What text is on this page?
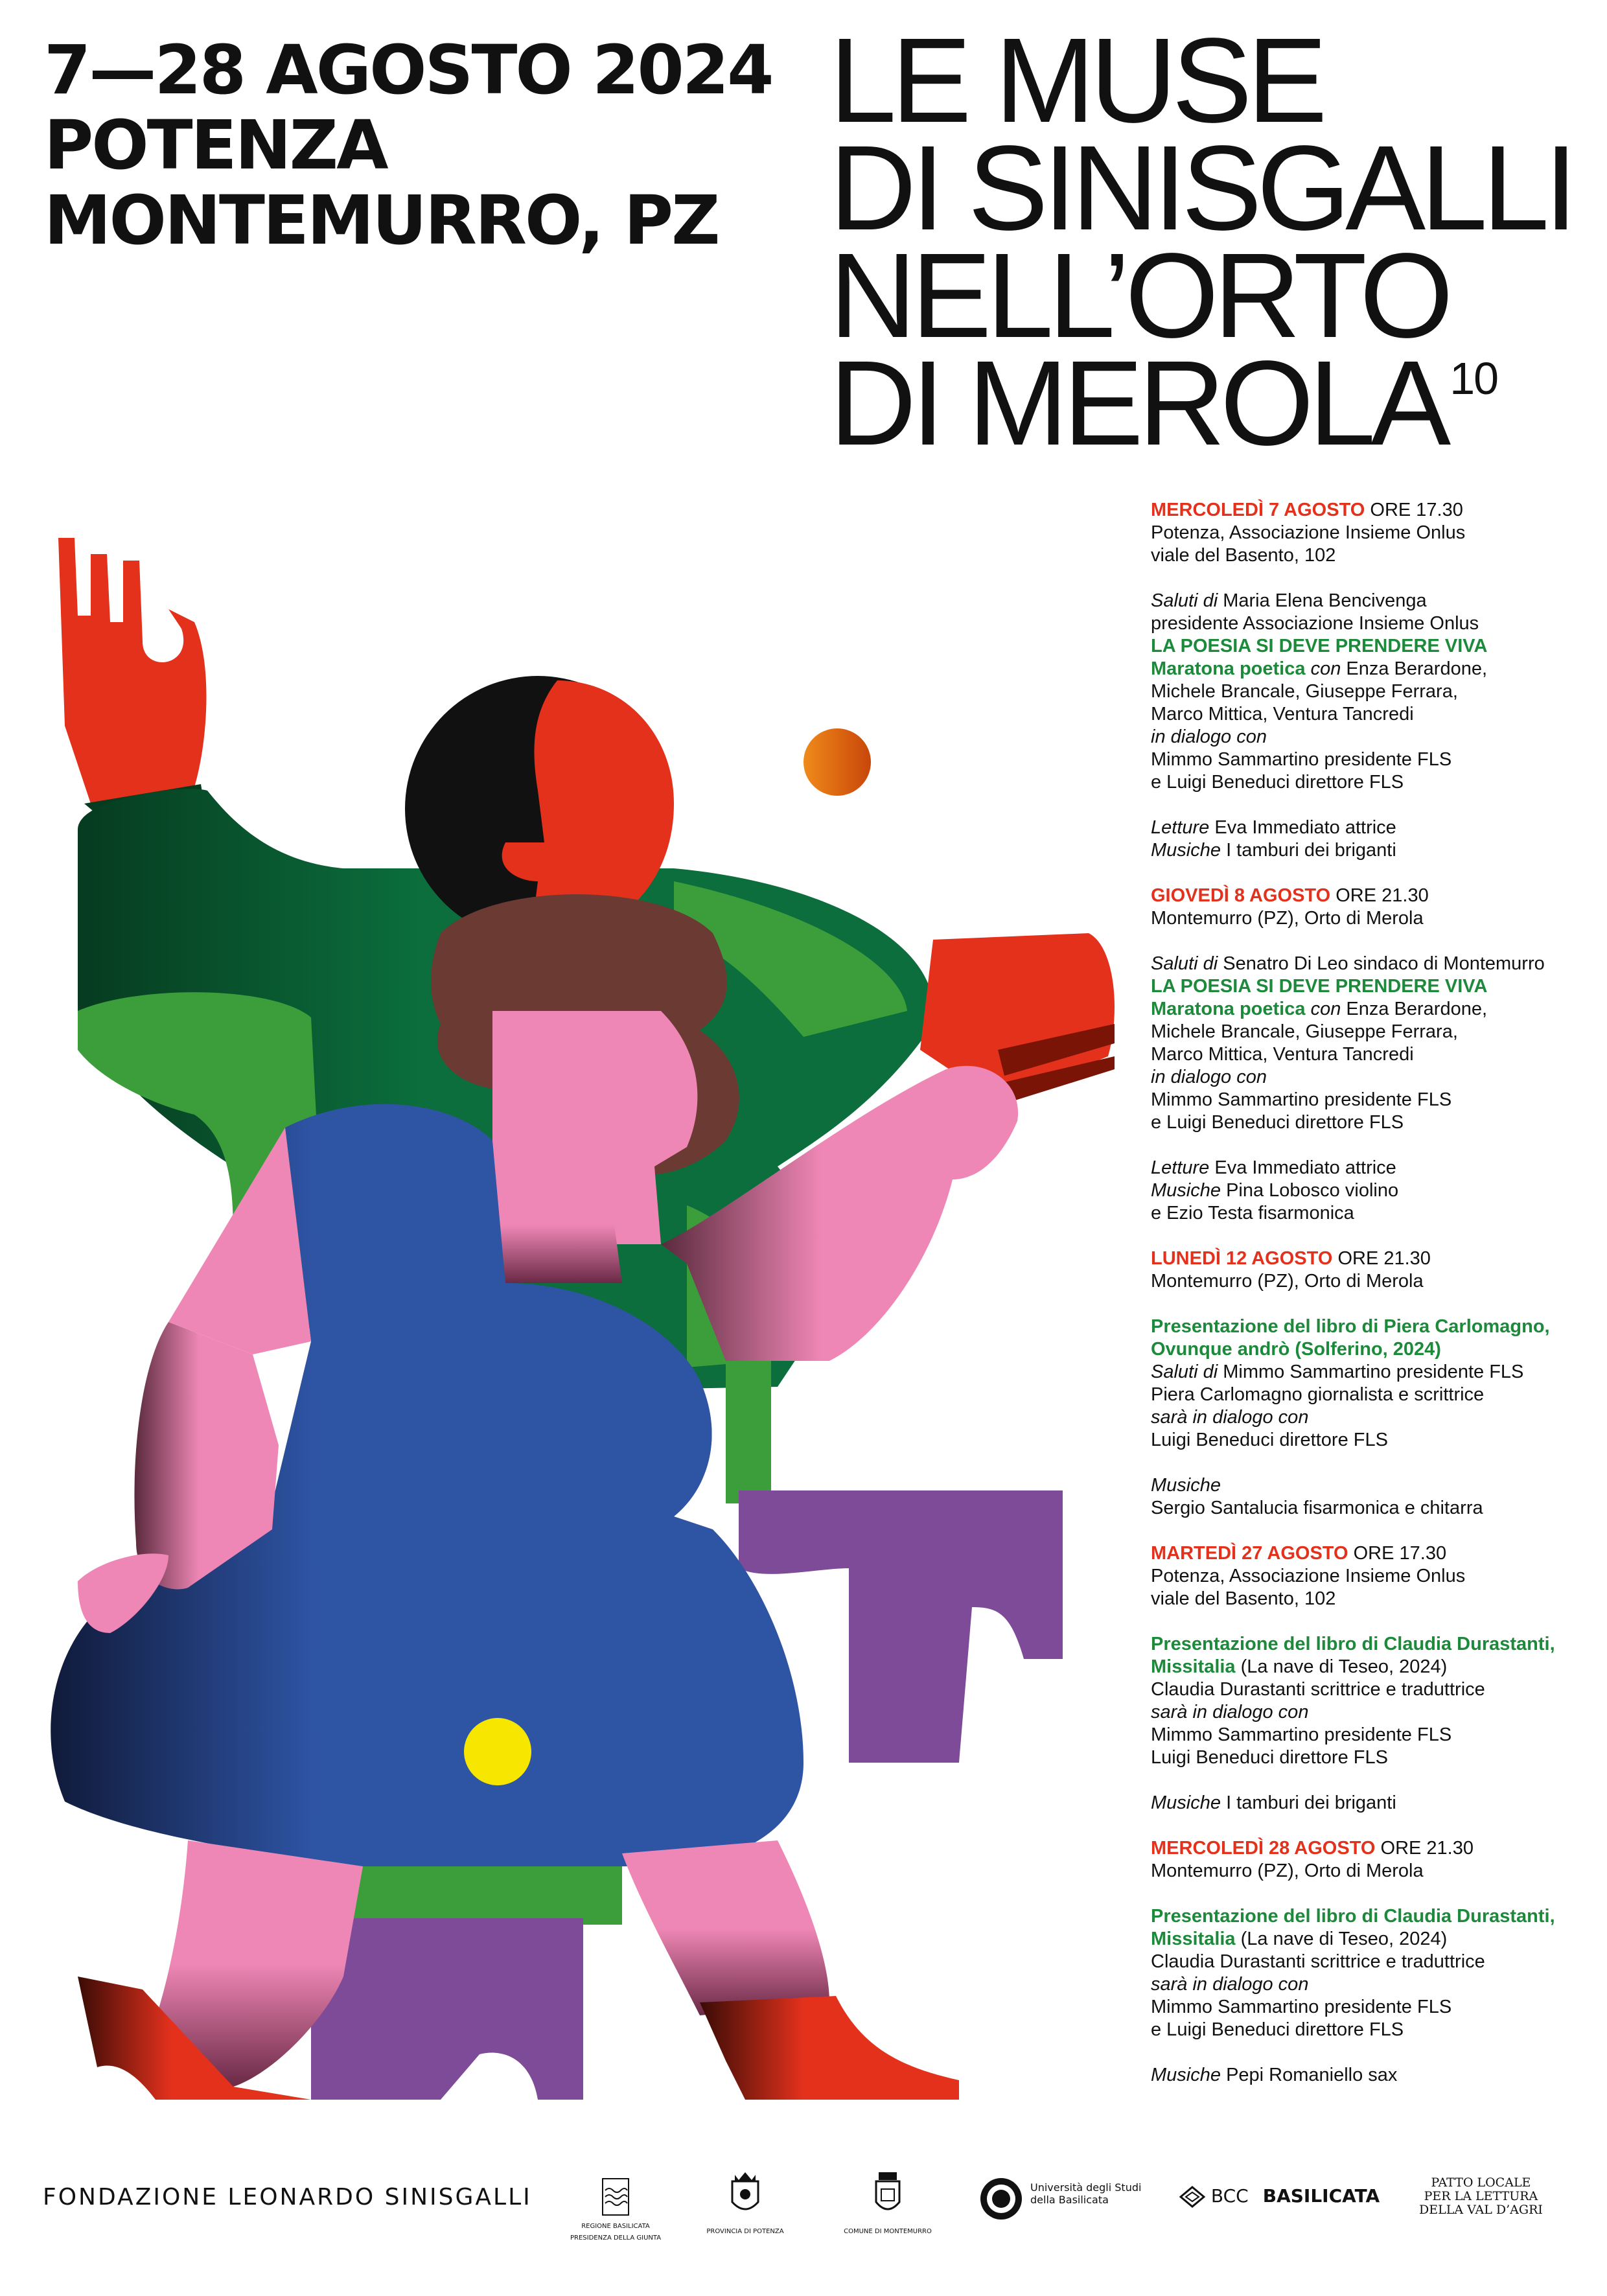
7—28 AGOSTO 2024
POTENZA
MONTEMURRO, PZ
LE MUSE
DI SINISGALLI
NELL’ORTO
DI MEROLA$^{10}$
MERCOLEDÌ 7 AGOSTO ORE 17.30
Potenza, Associazione Insieme Onlus
viale del Basento, 102
Saluti di Maria Elena Bencivenga
presidente Associazione Insieme Onlus
LA POESIA SI DEVE PRENDERE VIVA
Maratona poetica con Enza Berardone,
Michele Brancale, Giuseppe Ferrara,
Marco Mittica, Ventura Tancredi
in dialogo con
Mimmo Sammartino presidente FLS
e Luigi Beneduci direttore FLS
Letture Eva Immediato attrice
Musiche I tamburi dei briganti
GIOVEDÌ 8 AGOSTO ORE 21.30
Montemurro (PZ), Orto di Merola
Saluti di Senatro Di Leo sindaco di Montemurro
LA POESIA SI DEVE PRENDERE VIVA
Maratona poetica con Enza Berardone,
Michele Brancale, Giuseppe Ferrara,
Marco Mittica, Ventura Tancredi
in dialogo con
Mimmo Sammartino presidente FLS
e Luigi Beneduci direttore FLS
Letture Eva Immediato attrice
Musiche Pina Lobosco violino
e Ezio Testa fisarmonica
LUNEDÌ 12 AGOSTO ORE 21.30
Montemurro (PZ), Orto di Merola
Presentazione del libro di Piera Carlomagno,
Ovunque andrò (Solferino, 2024)
Saluti di Mimmo Sammartino presidente FLS
Piera Carlomagno giornalista e scrittrice
sarà in dialogo con
Luigi Beneduci direttore FLS
Musiche
Sergio Santalucia fisarmonica e chitarra
MARTEDÌ 27 AGOSTO ORE 17.30
Potenza, Associazione Insieme Onlus
viale del Basento, 102
Presentazione del libro di Claudia Durastanti,
Missitalia (La nave di Teseo, 2024)
Claudia Durastanti scrittrice e traduttrice
sarà in dialogo con
Mimmo Sammartino presidente FLS
Luigi Beneduci direttore FLS
Musiche I tamburi dei briganti
MERCOLEDÌ 28 AGOSTO ORE 21.30
Montemurro (PZ), Orto di Merola
Presentazione del libro di Claudia Durastanti,
Missitalia (La nave di Teseo, 2024)
Claudia Durastanti scrittrice e traduttrice
sarà in dialogo con
Mimmo Sammartino presidente FLS
e Luigi Beneduci direttore FLS
Musiche Pepi Romaniello sax
FONDAZIONE LEONARDO SINISGALLI
REGIONE BASILICATA
PRESIDENZA DELLA GIUNTA
PROVINCIA DI POTENZA	COMUNE DI MONTEMURRO
Università degli Studi
della Basilicata	BCC BASILICATA
PATTO LOCALE
PER LA LETTURA
DELLA VAL D’AGRI
